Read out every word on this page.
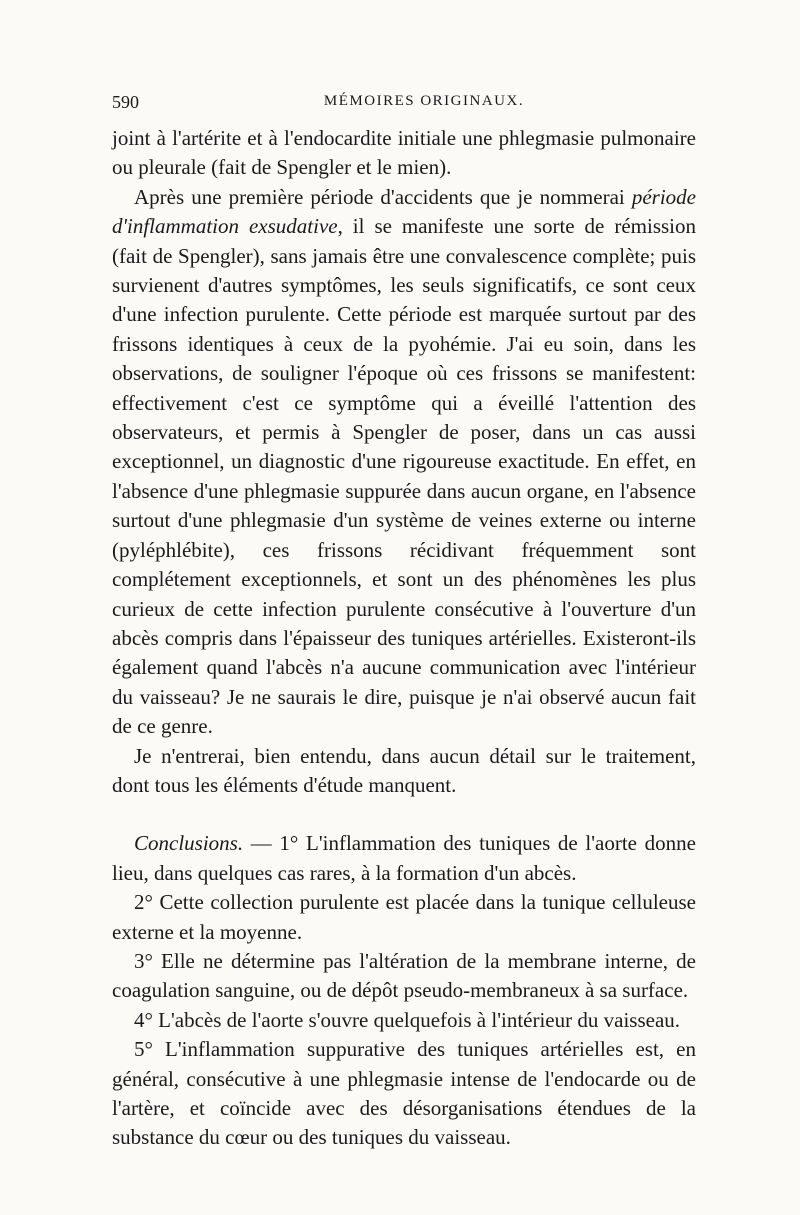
590	MÉMOIRES ORIGINAUX.

joint à l'artérite et à l'endocardite initiale une phlegmasie pulmonaire ou pleurale (fait de Spengler et le mien).

Après une première période d'accidents que je nommerai période d'inflammation exsudative, il se manifeste une sorte de rémission (fait de Spengler), sans jamais être une convalescence complète; puis survienent d'autres symptômes, les seuls significatifs, ce sont ceux d'une infection purulente. Cette période est marquée surtout par des frissons identiques à ceux de la pyohémie. J'ai eu soin, dans les observations, de souligner l'époque où ces frissons se manifestent: effectivement c'est ce symptôme qui a éveillé l'attention des observateurs, et permis à Spengler de poser, dans un cas aussi exceptionnel, un diagnostic d'une rigoureuse exactitude. En effet, en l'absence d'une phlegmasie suppurée dans aucun organe, en l'absence surtout d'une phlegmasie d'un système de veines externe ou interne (pyléphlébite), ces frissons récidivant fréquemment sont complétement exceptionnels, et sont un des phénomènes les plus curieux de cette infection purulente consécutive à l'ouverture d'un abcès compris dans l'épaisseur des tuniques artérielles. Existeront-ils également quand l'abcès n'a aucune communication avec l'intérieur du vaisseau? Je ne saurais le dire, puisque je n'ai observé aucun fait de ce genre.

Je n'entrerai, bien entendu, dans aucun détail sur le traitement, dont tous les éléments d'étude manquent.

Conclusions. — 1° L'inflammation des tuniques de l'aorte donne lieu, dans quelques cas rares, à la formation d'un abcès.

2° Cette collection purulente est placée dans la tunique celluleuse externe et la moyenne.

3° Elle ne détermine pas l'altération de la membrane interne, de coagulation sanguine, ou de dépôt pseudo-membraneux à sa surface.

4° L'abcès de l'aorte s'ouvre quelquefois à l'intérieur du vaisseau.

5° L'inflammation suppurative des tuniques artérielles est, en général, consécutive à une phlegmasie intense de l'endocarde ou de l'artère, et coïncide avec des désorganisations étendues de la substance du cœur ou des tuniques du vaisseau.
